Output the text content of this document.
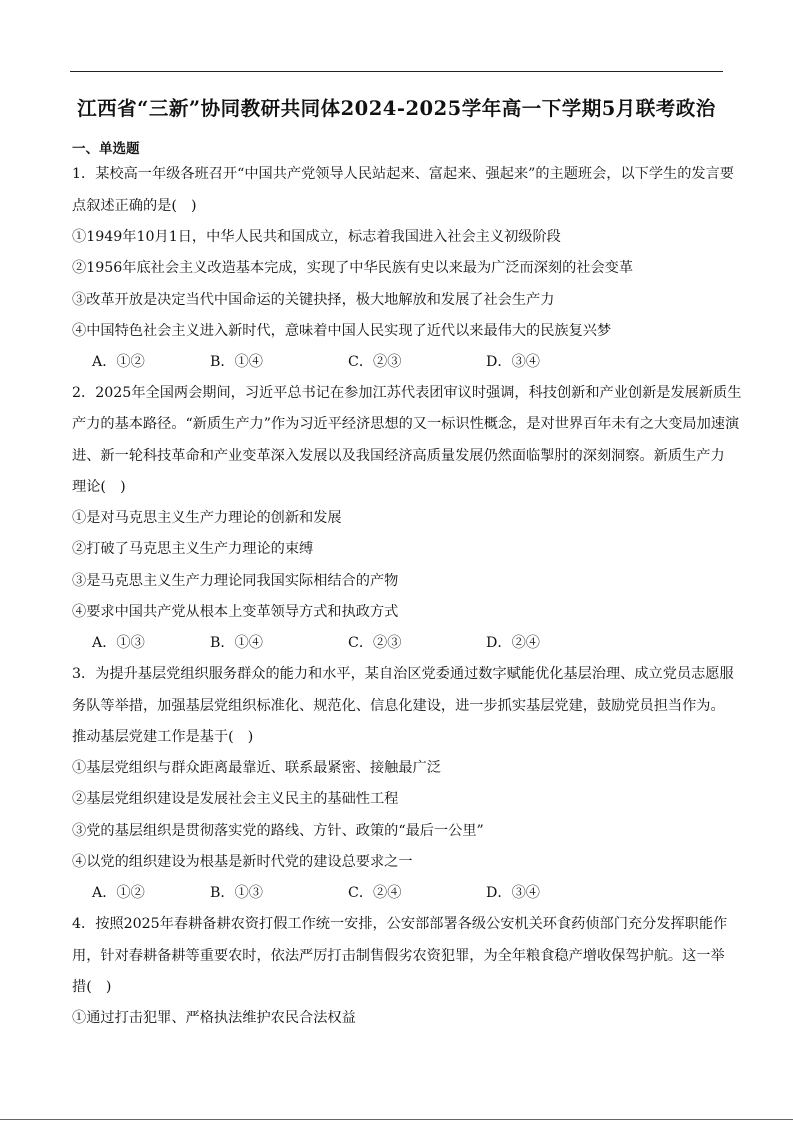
江西省“三新”协同教研共同体2024-2025学年高一下学期5月联考政治
一、单选题
1．某校高一年级各班召开“中国共产党领导人民站起来、富起来、强起来”的主题班会，以下学生的发言要
点叙述正确的是(　)
①1949年10月1日，中华人民共和国成立，标志着我国进入社会主义初级阶段
②1956年底社会主义改造基本完成，实现了中华民族有史以来最为广泛而深刻的社会变革
③改革开放是决定当代中国命运的关键抉择，极大地解放和发展了社会生产力
④中国特色社会主义进入新时代，意味着中国人民实现了近代以来最伟大的民族复兴梦
A．①②	B．①④	C．②③	D．③④
2．2025年全国两会期间，习近平总书记在参加江苏代表团审议时强调，科技创新和产业创新是发展新质生
产力的基本路径。“新质生产力”作为习近平经济思想的又一标识性概念，是对世界百年未有之大变局加速演
进、新一轮科技革命和产业变革深入发展以及我国经济高质量发展仍然面临掣肘的深刻洞察。新质生产力
理论(　)
①是对马克思主义生产力理论的创新和发展
②打破了马克思主义生产力理论的束缚
③是马克思主义生产力理论同我国实际相结合的产物
④要求中国共产党从根本上变革领导方式和执政方式
A．①③	B．①④	C．②③	D．②④
3．为提升基层党组织服务群众的能力和水平，某自治区党委通过数字赋能优化基层治理、成立党员志愿服
务队等举措，加强基层党组织标准化、规范化、信息化建设，进一步抓实基层党建，鼓励党员担当作为。
推动基层党建工作是基于(　)
①基层党组织与群众距离最靠近、联系最紧密、接触最广泛
②基层党组织建设是发展社会主义民主的基础性工程
③党的基层组织是贯彻落实党的路线、方针、政策的“最后一公里”
④以党的组织建设为根基是新时代党的建设总要求之一
A．①②	B．①③	C．②④	D．③④
4．按照2025年春耕备耕农资打假工作统一安排，公安部部署各级公安机关环食药侦部门充分发挥职能作
用，针对春耕备耕等重要农时，依法严厉打击制售假劣农资犯罪，为全年粮食稳产增收保驾护航。这一举
措(　)
①通过打击犯罪、严格执法维护农民合法权益
